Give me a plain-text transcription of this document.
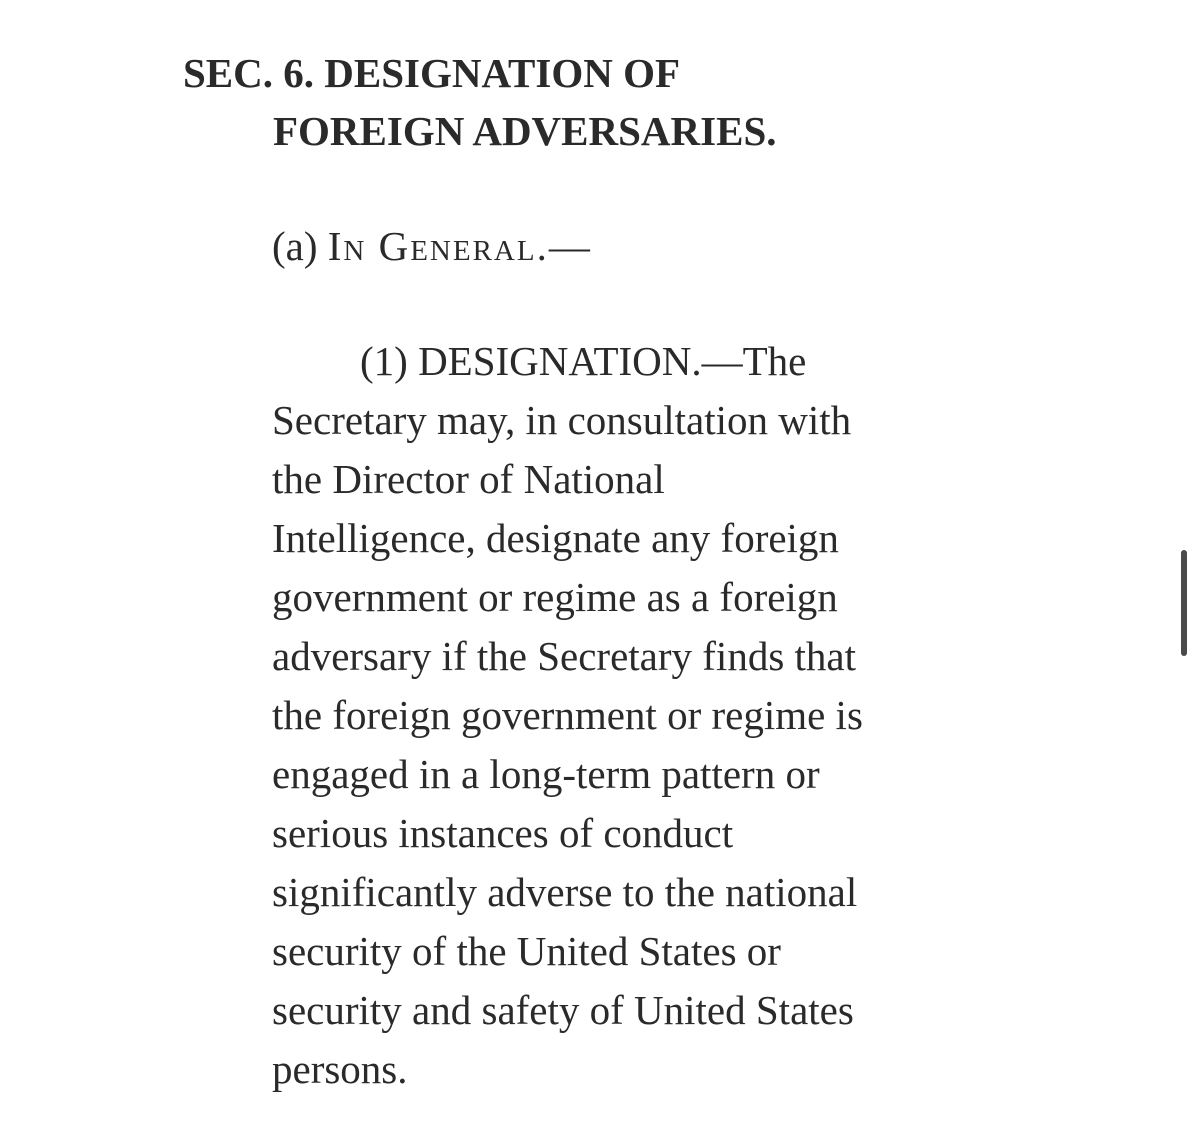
SEC. 6. DESIGNATION OF
FOREIGN ADVERSARIES.
(a) In General.—
(1) DESIGNATION.—The
Secretary may, in consultation with
the Director of National
Intelligence, designate any foreign
government or regime as a foreign
adversary if the Secretary finds that
the foreign government or regime is
engaged in a long-term pattern or
serious instances of conduct
significantly adverse to the national
security of the United States or
security and safety of United States
persons.
